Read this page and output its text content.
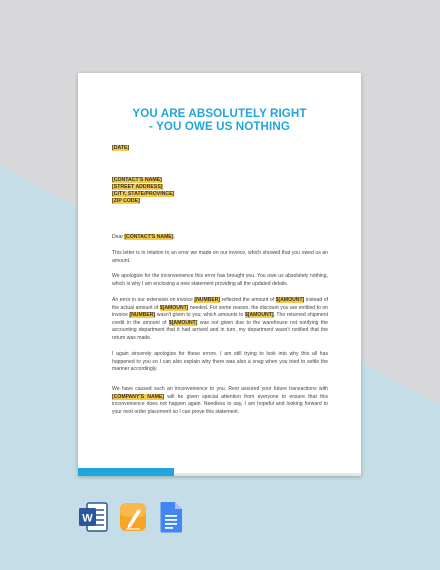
YOU ARE ABSOLUTELY RIGHT
- YOU OWE US NOTHING
[DATE]
[CONTACT'S NAME]
[STREET ADDRESS]
[CITY, STATE/PROVINCE]
[ZIP CODE]

Dear [CONTACT'S NAME],

This letter is in relation to an error we made on our invoice, which showed that you owed us an amount.

We apologize for the inconvenience this error has brought you. You owe us absolutely nothing, which is why I am enclosing a new statement providing all the updated details.

An error in our extension on invoice [NUMBER] reflected the amount of $[AMOUNT] instead of the actual amount of $[AMOUNT] needed. For some reason, the discount you are entitled to on invoice [NUMBER] wasn't given to you; which amounts to $[AMOUNT]. The returned shipment credit in the amount of $[AMOUNT] was not given due to the warehouse not notifying the accounting department that it had arrived and in turn, my department wasn't notified that the return was made.

I again sincerely apologize for these errors. I am still trying to look into why this all has happened to you so I can also explain why there was also a snag when you tried to settle the manner accordingly.

We have caused such an inconvenience to you. Rest assured your future transactions with [COMPANY'S NAME] will be given special attention from everyone to ensure that this inconvenience does not happen again. Needless to say, I am hopeful and looking forward to your next order placement so I can prove this statement.

W
